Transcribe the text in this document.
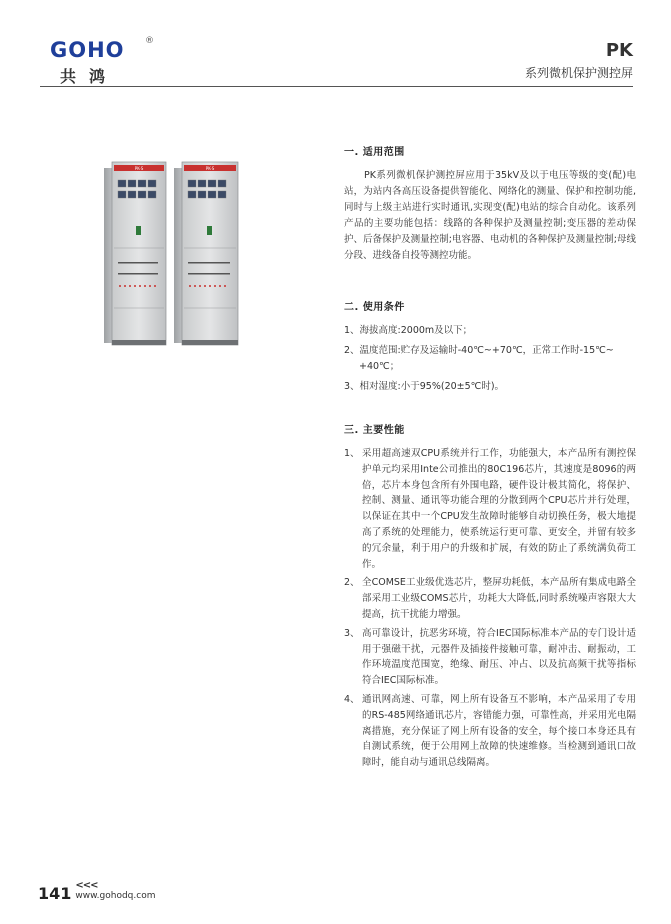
GOHO ®
共鸿
PK
系列微机保护测控屏
PK-S	PK-S
一. 适用范围

PK系列微机保护测控屏应用于35kV及以于电压等级的变(配)电站，为站内各高压设备提供智能化、网络化的测量、保护和控制功能,同时与上级主站进行实时通讯,实现变(配)电站的综合自动化。该系列产品的主要功能包括：线路的各种保护及测量控制;变压器的差动保护、后备保护及测量控制;电容器、电动机的各种保护及测量控制;母线分段、进线备自投等测控功能。

二. 使用条件
1、海拔高度:2000m及以下；
2、温度范围:贮存及运输时-40℃~+70℃，正常工作时-15℃~
+40℃；
3、相对湿度:小于95%(20±5℃时)。
三. 主要性能
1、 采用超高速双CPU系统并行工作，功能强大，本产品所有测控保护单元均采用Inte公司推出的80C196芯片，其速度是8096的两倍，芯片本身包含所有外围电路，硬件设计极其简化，将保护、控制、测量、通讯等功能合理的分散到两个CPU芯片并行处理，以保证在其中一个CPU发生故障时能够自动切换任务，极大地提高了系统的处理能力，使系统运行更可靠、更安全，并留有较多的冗余量，利于用户的升级和扩展，有效的防止了系统满负荷工作。
2、 全COMSE工业级优选芯片，整屏功耗低，本产品所有集成电路全部采用工业级COMS芯片，功耗大大降低,同时系统噪声容限大大提高，抗干扰能力增强。
3、 高可靠设计，抗恶劣环境，符合IEC国际标准本产品的专门设计适用于强磁干扰，元器件及插接件接触可靠，耐冲击、耐振动，工作环境温度范围宽，绝缘、耐压、冲占、以及抗高频干扰等指标符合IEC国际标准。
4、 通讯网高速、可靠，网上所有设备互不影响，本产品采用了专用的RS-485网络通讯芯片，容错能力强，可靠性高，并采用光电隔离措施，充分保证了网上所有设备的安全，每个接口本身还具有自测试系统，便于公用网上故障的快速维修。当检测到通讯口故障时，能自动与通讯总线隔离。
141 <<<
www.gohodq.com
